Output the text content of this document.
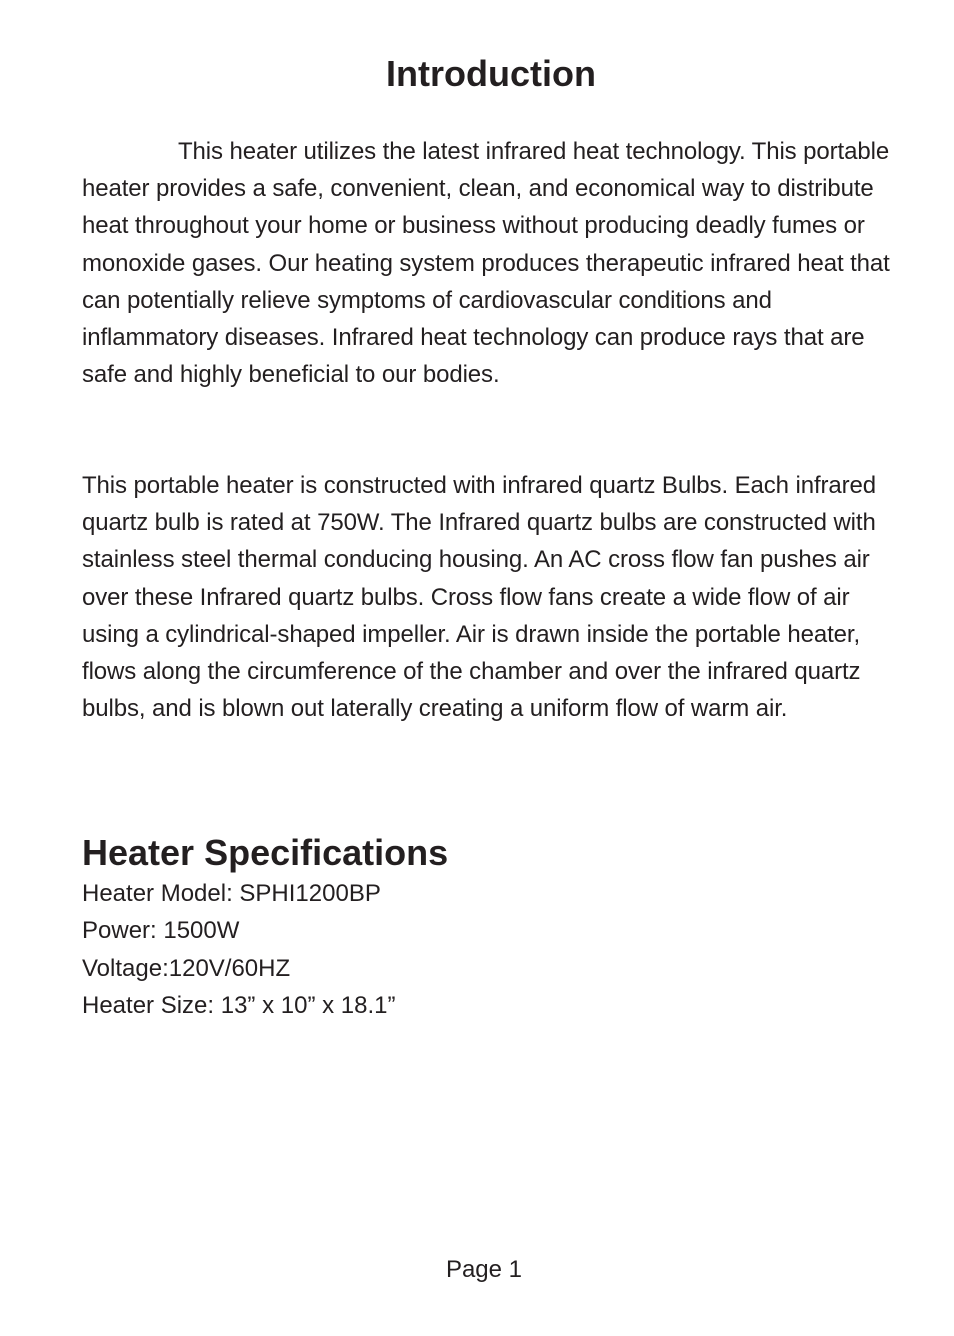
Introduction

This heater utilizes the latest infrared heat technology. This portable heater provides a safe, convenient, clean, and economical way to distribute heat throughout your home or business without producing deadly fumes or monoxide gases. Our heating system produces therapeutic infrared heat that can potentially relieve symptoms of cardiovascular conditions and inflammatory diseases. Infrared heat technology can produce rays that are safe and highly beneficial to our bodies.

This portable heater is constructed with infrared quartz Bulbs. Each infrared quartz bulb is rated at 750W. The Infrared quartz bulbs are constructed with stainless steel thermal conducing housing. An AC cross flow fan pushes air over these Infrared quartz bulbs. Cross flow fans create a wide flow of air using a cylindrical-shaped impeller. Air is drawn inside the portable heater, flows along the circumference of the chamber and over the infrared quartz bulbs, and is blown out laterally creating a uniform flow of warm air.

Heater Specifications
Heater Model: SPHI1200BP
Power: 1500W
Voltage:120V/60HZ
Heater Size: 13” x 10” x 18.1”
Page 1
